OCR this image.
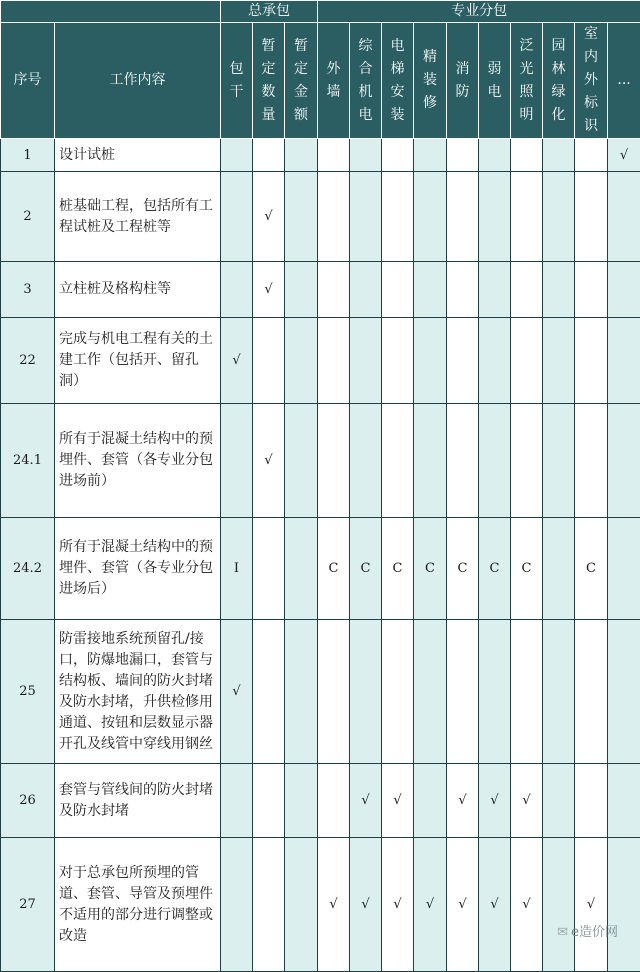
		总承包			专业分包									
序号	工作内容	包干	暂定数量	暂定金额	外墙	综合机电	电梯安装	精装修	消防	弱电	泛光照明	园林绿化	室内外标识	...
1	设计试桩													√
2	桩基础工程，包括所有工程试桩及工程桩等		√											
3	立柱桩及格构柱等		√											
22	完成与机电工程有关的土建工作（包括开、留孔洞）	√												
24.1	所有于混凝土结构中的预埋件、套管（各专业分包进场前）		√											
24.2	所有于混凝土结构中的预埋件、套管（各专业分包进场后）	I			C	C	C	C	C	C	C		C	
25	防雷接地系统预留孔/接口，防爆地漏口，套管与结构板、墙间的防火封堵及防水封堵，升供检修用通道、按钮和层数显示器开孔及线管中穿线用钢丝	√												
26	套管与管线间的防火封堵及防水封堵					√	√		√	√	√			
27	对于总承包所预埋的管道、套管、导管及预埋件不适用的部分进行调整或改造				√	√	√	√	√	√	√		√	
✉ e造价网
